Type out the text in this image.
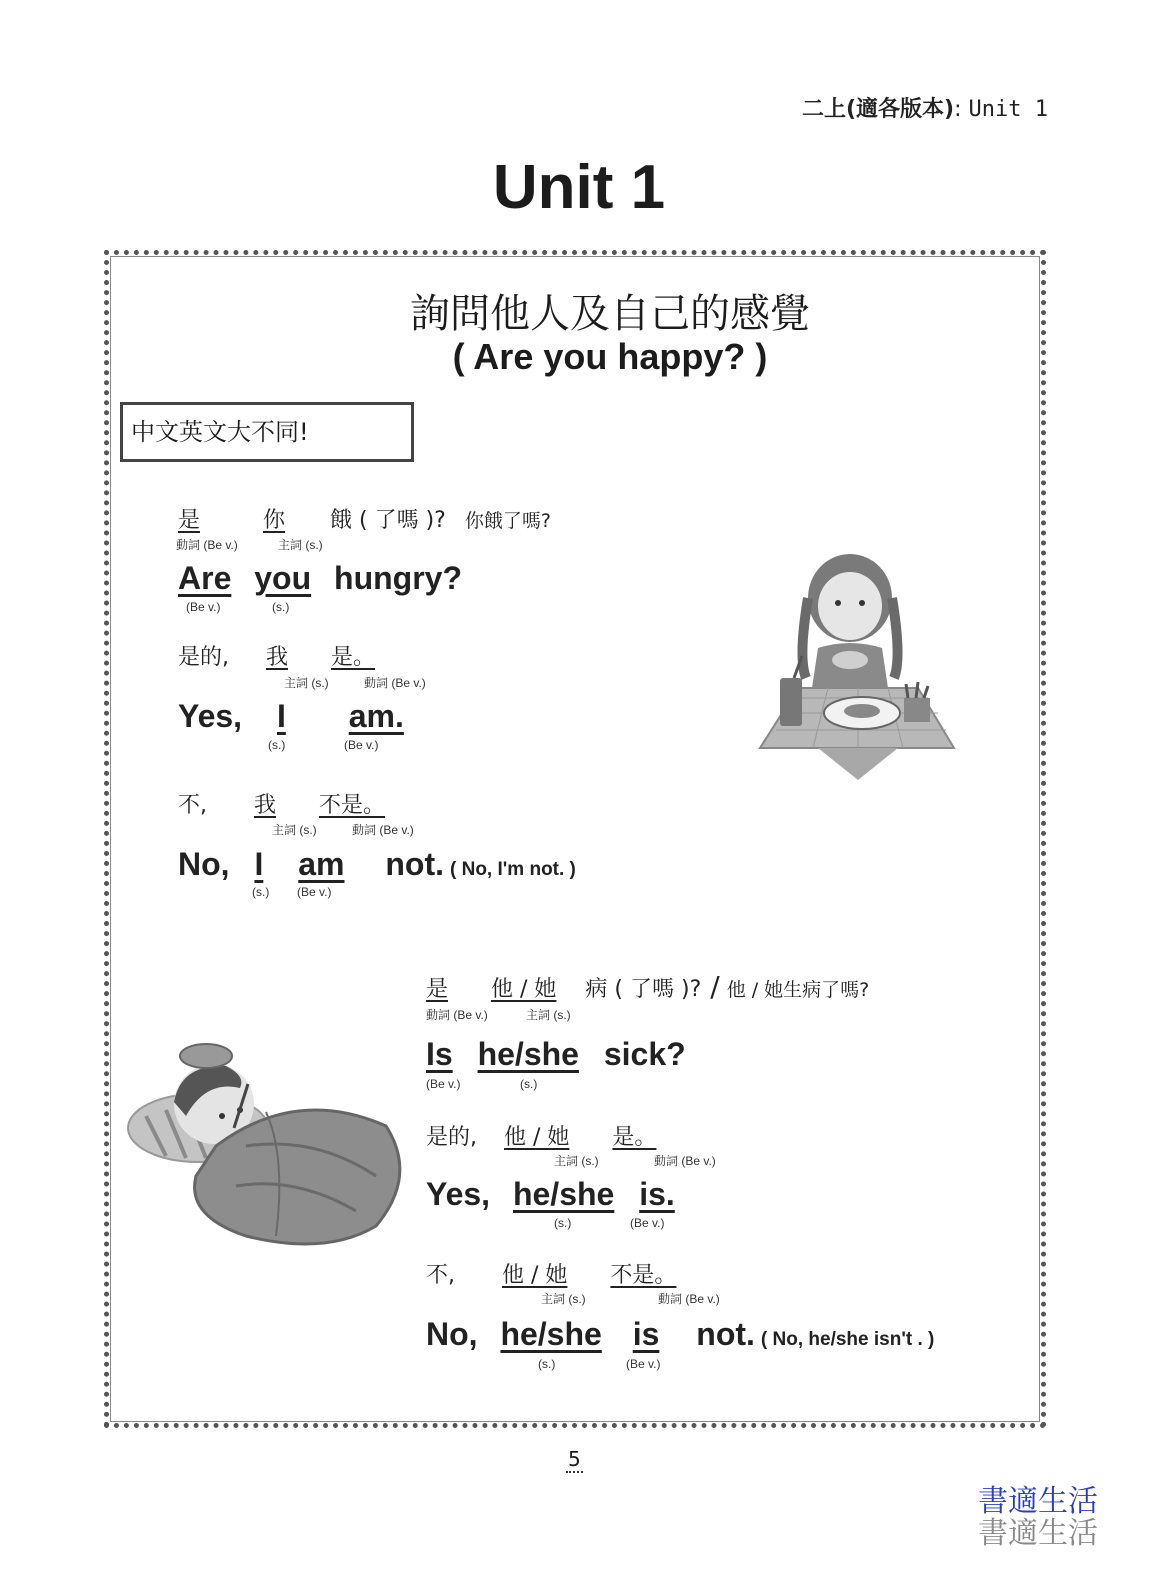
二上(適各版本): Unit 1
Unit 1
詢問他人及自己的感覺
( Are you happy? )
中文英文大不同!
是	你 餓 ( 了嗎 )? 你餓了嗎?
動詞 (Be v.)	主詞 (s.)
Are you hungry?
(Be v.)	(s.)
是的, 我 是。
主詞 (s.)	動詞 (Be v.)
Yes, I am.
(s.)	(Be v.)
不, 我 不是。
主詞 (s.)	動詞 (Be v.)
No, I am not. ( No, I'm not. )
(s.) (Be v.)
是 他 / 她 病 ( 了嗎 )? / 他 / 她生病了嗎?
動詞 (Be v.)	主詞 (s.)
Is he/she sick?
(Be v.)	(s.)
是的, 他 / 她 是。
主詞 (s.)	動詞 (Be v.)
Yes, he/she is.
(s.)	(Be v.)
不, 他 / 她 不是。
主詞 (s.)	動詞 (Be v.)
No, he/she is not. ( No, he/she isn't . )
(s.)	(Be v.)
5
書適生活
書適生活
